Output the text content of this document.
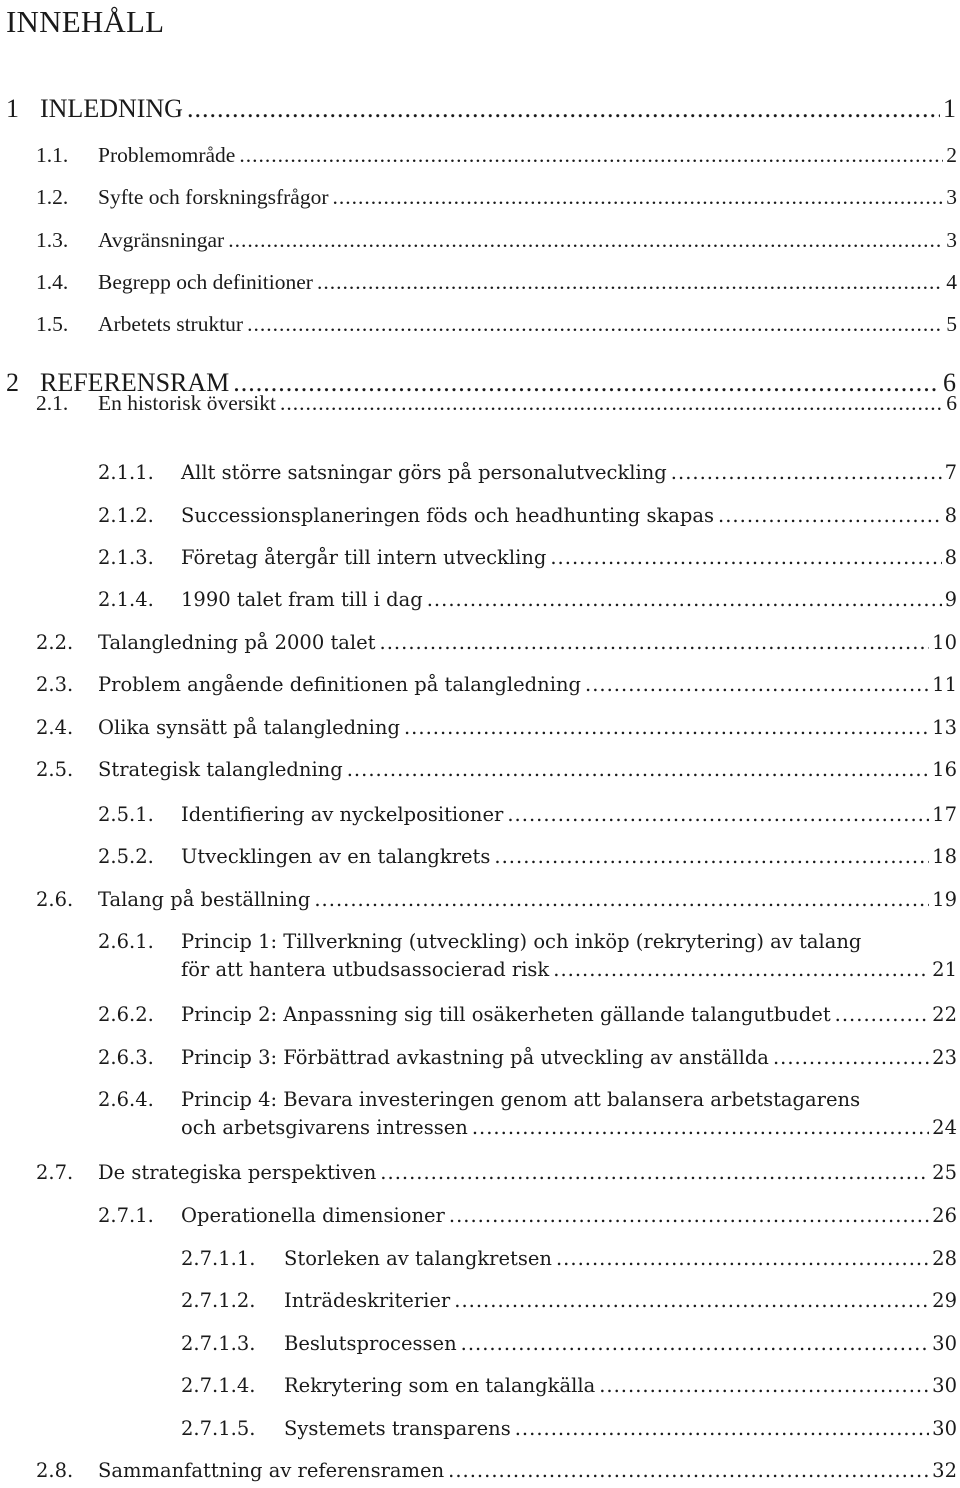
INNEHÅLL
1 INLEDNING .....	1
1.1.	Problemområde .....	2
1.2.	Syfte och forskningsfrågor .....	3
1.3.	Avgränsningar .....	3
1.4.	Begrepp och definitioner .....	4
1.5.	Arbetets struktur .....	5
2 REFERENSRAM .....	6
2.1.	En historisk översikt .....	6
2.1.1.	Allt större satsningar görs på personalutveckling .....	7
2.1.2.	Successionsplaneringen föds och headhunting skapas .....	8
2.1.3.	Företag återgår till intern utveckling .....	8
2.1.4.	1990 talet fram till i dag .....	9
2.2.	Talangledning på 2000 talet .....	10
2.3.	Problem angående definitionen på talangledning .....	11
2.4.	Olika synsätt på talangledning .....	13
2.5.	Strategisk talangledning .....	16
2.5.1.	Identifiering av nyckelpositioner .....	17
2.5.2.	Utvecklingen av en talangkrets .....	18
2.6.	Talang på beställning .....	19
2.6.1.	Princip 1: Tillverkning (utveckling) och inköp (rekrytering) av talang
för att hantera utbudsassocierad risk .....	21
2.6.2.	Princip 2: Anpassning sig till osäkerheten gällande talangutbudet .....	22
2.6.3.	Princip 3: Förbättrad avkastning på utveckling av anställda .....	23
2.6.4.	Princip 4: Bevara investeringen genom att balansera arbetstagarens
och arbetsgivarens intressen .....	24
2.7.	De strategiska perspektiven .....	25
2.7.1.	Operationella dimensioner .....	26
2.7.1.1.	Storleken av talangkretsen .....	28
2.7.1.2.	Inträdeskriterier .....	29
2.7.1.3.	Beslutsprocessen .....	30
2.7.1.4.	Rekrytering som en talangkälla .....	30
2.7.1.5.	Systemets transparens .....	30
2.8.	Sammanfattning av referensramen .....	32
